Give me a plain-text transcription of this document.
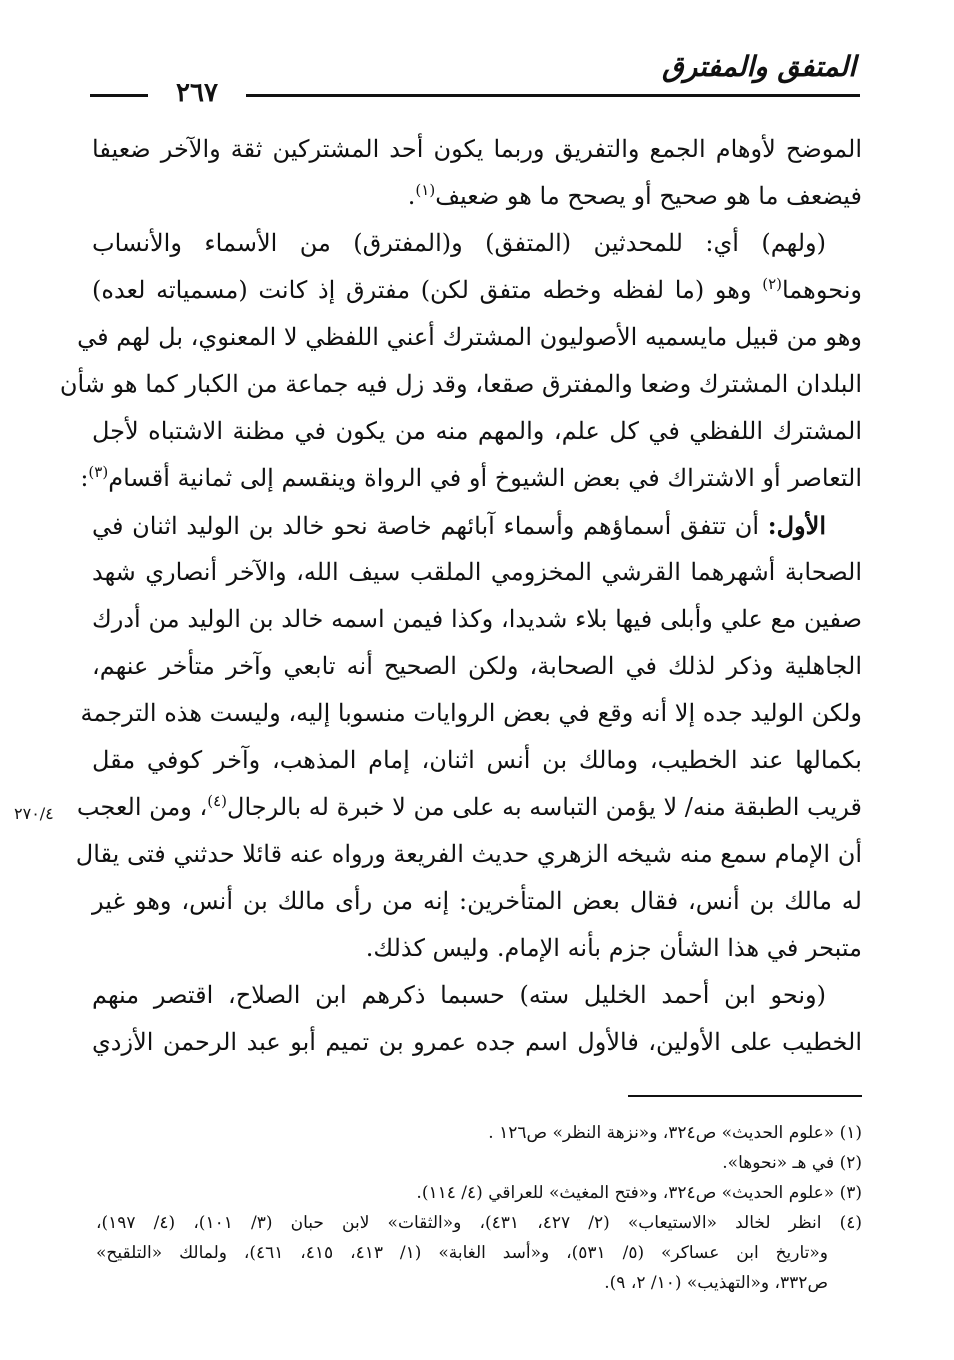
المتفق والمفترق
٢٦٧
الموضح لأوهام الجمع والتفريق وربما يكون أحد المشتركين ثقة والآخر ضعيفا
فيضعف ما هو صحيح أو يصحح ما هو ضعيف$^{(١)}$.
(ولهم) أي: للمحدثين (المتفق) و(المفترق) من الأسماء والأنساب
ونحوهما$^{(٢)}$ وهو (ما لفظه وخطه متفق لكن) مفترق إذ كانت (مسمياته لعده)
وهو من قبيل مايسميه الأصوليون المشترك أعني اللفظي لا المعنوي، بل لهم في
البلدان المشترك وضعا والمفترق صقعا، وقد زل فيه جماعة من الكبار كما هو شأن
المشترك اللفظي في كل علم، والمهم منه من يكون في مظنة الاشتباه لأجل
التعاصر أو الاشتراك في بعض الشيوخ أو في الرواة وينقسم إلى ثمانية أقسام$^{(٣)}$:
الأول: أن تتفق أسماؤهم وأسماء آبائهم خاصة نحو خالد بن الوليد اثنان في
الصحابة أشهرهما القرشي المخزومي الملقب سيف الله، والآخر أنصاري شهد
صفين مع علي وأبلى فيها بلاء شديدا، وكذا فيمن اسمه خالد بن الوليد من أدرك
الجاهلية وذكر لذلك في الصحابة، ولكن الصحيح أنه تابعي وآخر متأخر عنهم،
ولكن الوليد جده إلا أنه وقع في بعض الروايات منسوبا إليه، وليست هذه الترجمة
بكمالها عند الخطيب، ومالك بن أنس اثنان، إمام المذهب، وآخر كوفي مقل
قريب الطبقة منه/ لا يؤمن التباسه به على من لا خبرة له بالرجال$^{(٤)}$، ومن العجب
أن الإمام سمع منه شيخه الزهري حديث الفريعة ورواه عنه قائلا حدثني فتى يقال
له مالك بن أنس، فقال بعض المتأخرين: إنه من رأى مالك بن أنس، وهو غير
متبحر في هذا الشأن جزم بأنه الإمام. وليس كذلك.
(ونحو ابن أحمد الخليل سته) حسبما ذكرهم ابن الصلاح، اقتصر منهم
الخطيب على الأولين، فالأول اسم جده عمرو بن تميم أبو عبد الرحمن الأزدي
٢٧٠/٤
(١) «علوم الحديث» ص٣٢٤، و«نزهة النظر» ص١٢٦ .
(٢) في هـ «نحوها».
(٣) «علوم الحديث» ص٣٢٤، و«فتح المغيث» للعراقي (٤/ ١١٤).
(٤) انظر لخالد «الاستيعاب» (٢/ ٤٢٧، ٤٣١)، و«الثقات» لابن حبان (٣/ ١٠١)، (٤/ ١٩٧)،
و«تاريخ ابن عساكر» (٥/ ٥٣١)، و«أسد الغابة» (١/ ٤١٣، ٤١٥، ٤٦١)، ولمالك «التلقيح»
ص٣٣٢، و«التهذيب» (١٠/ ٢، ٩).
